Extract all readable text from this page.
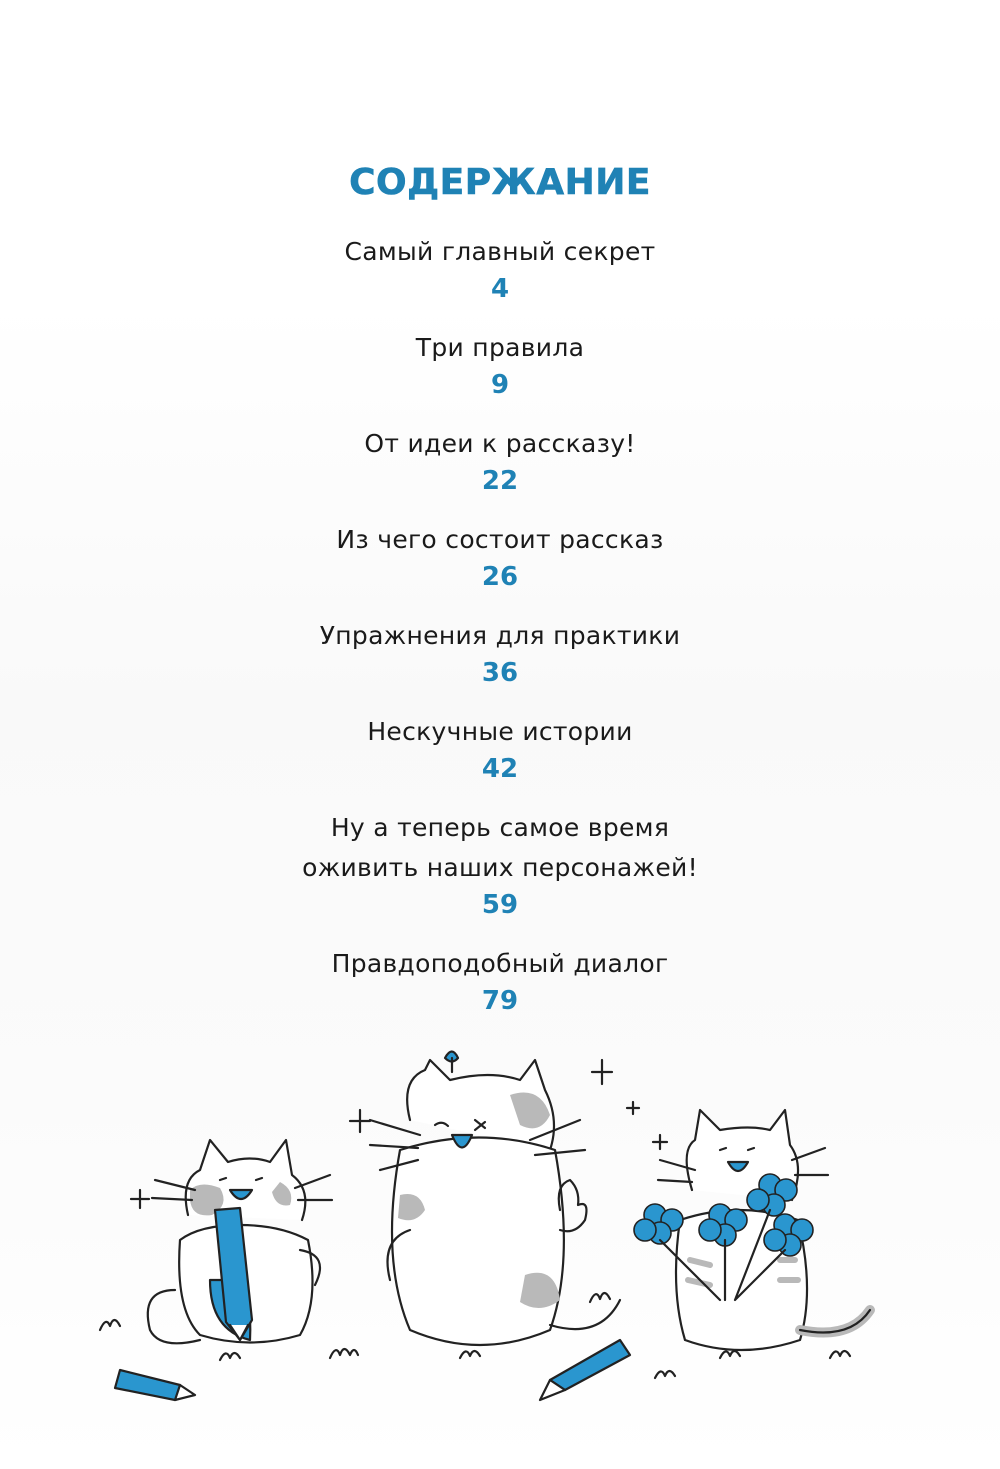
СОДЕРЖАНИЕ
Самый главный секрет
4
Три правила
9
От идеи к рассказу!
22
Из чего состоит рассказ
26
Упражнения для практики
36
Нескучные истории
42
Ну а теперь самое время
оживить наших персонажей!
59
Правдоподобный диалог
79
